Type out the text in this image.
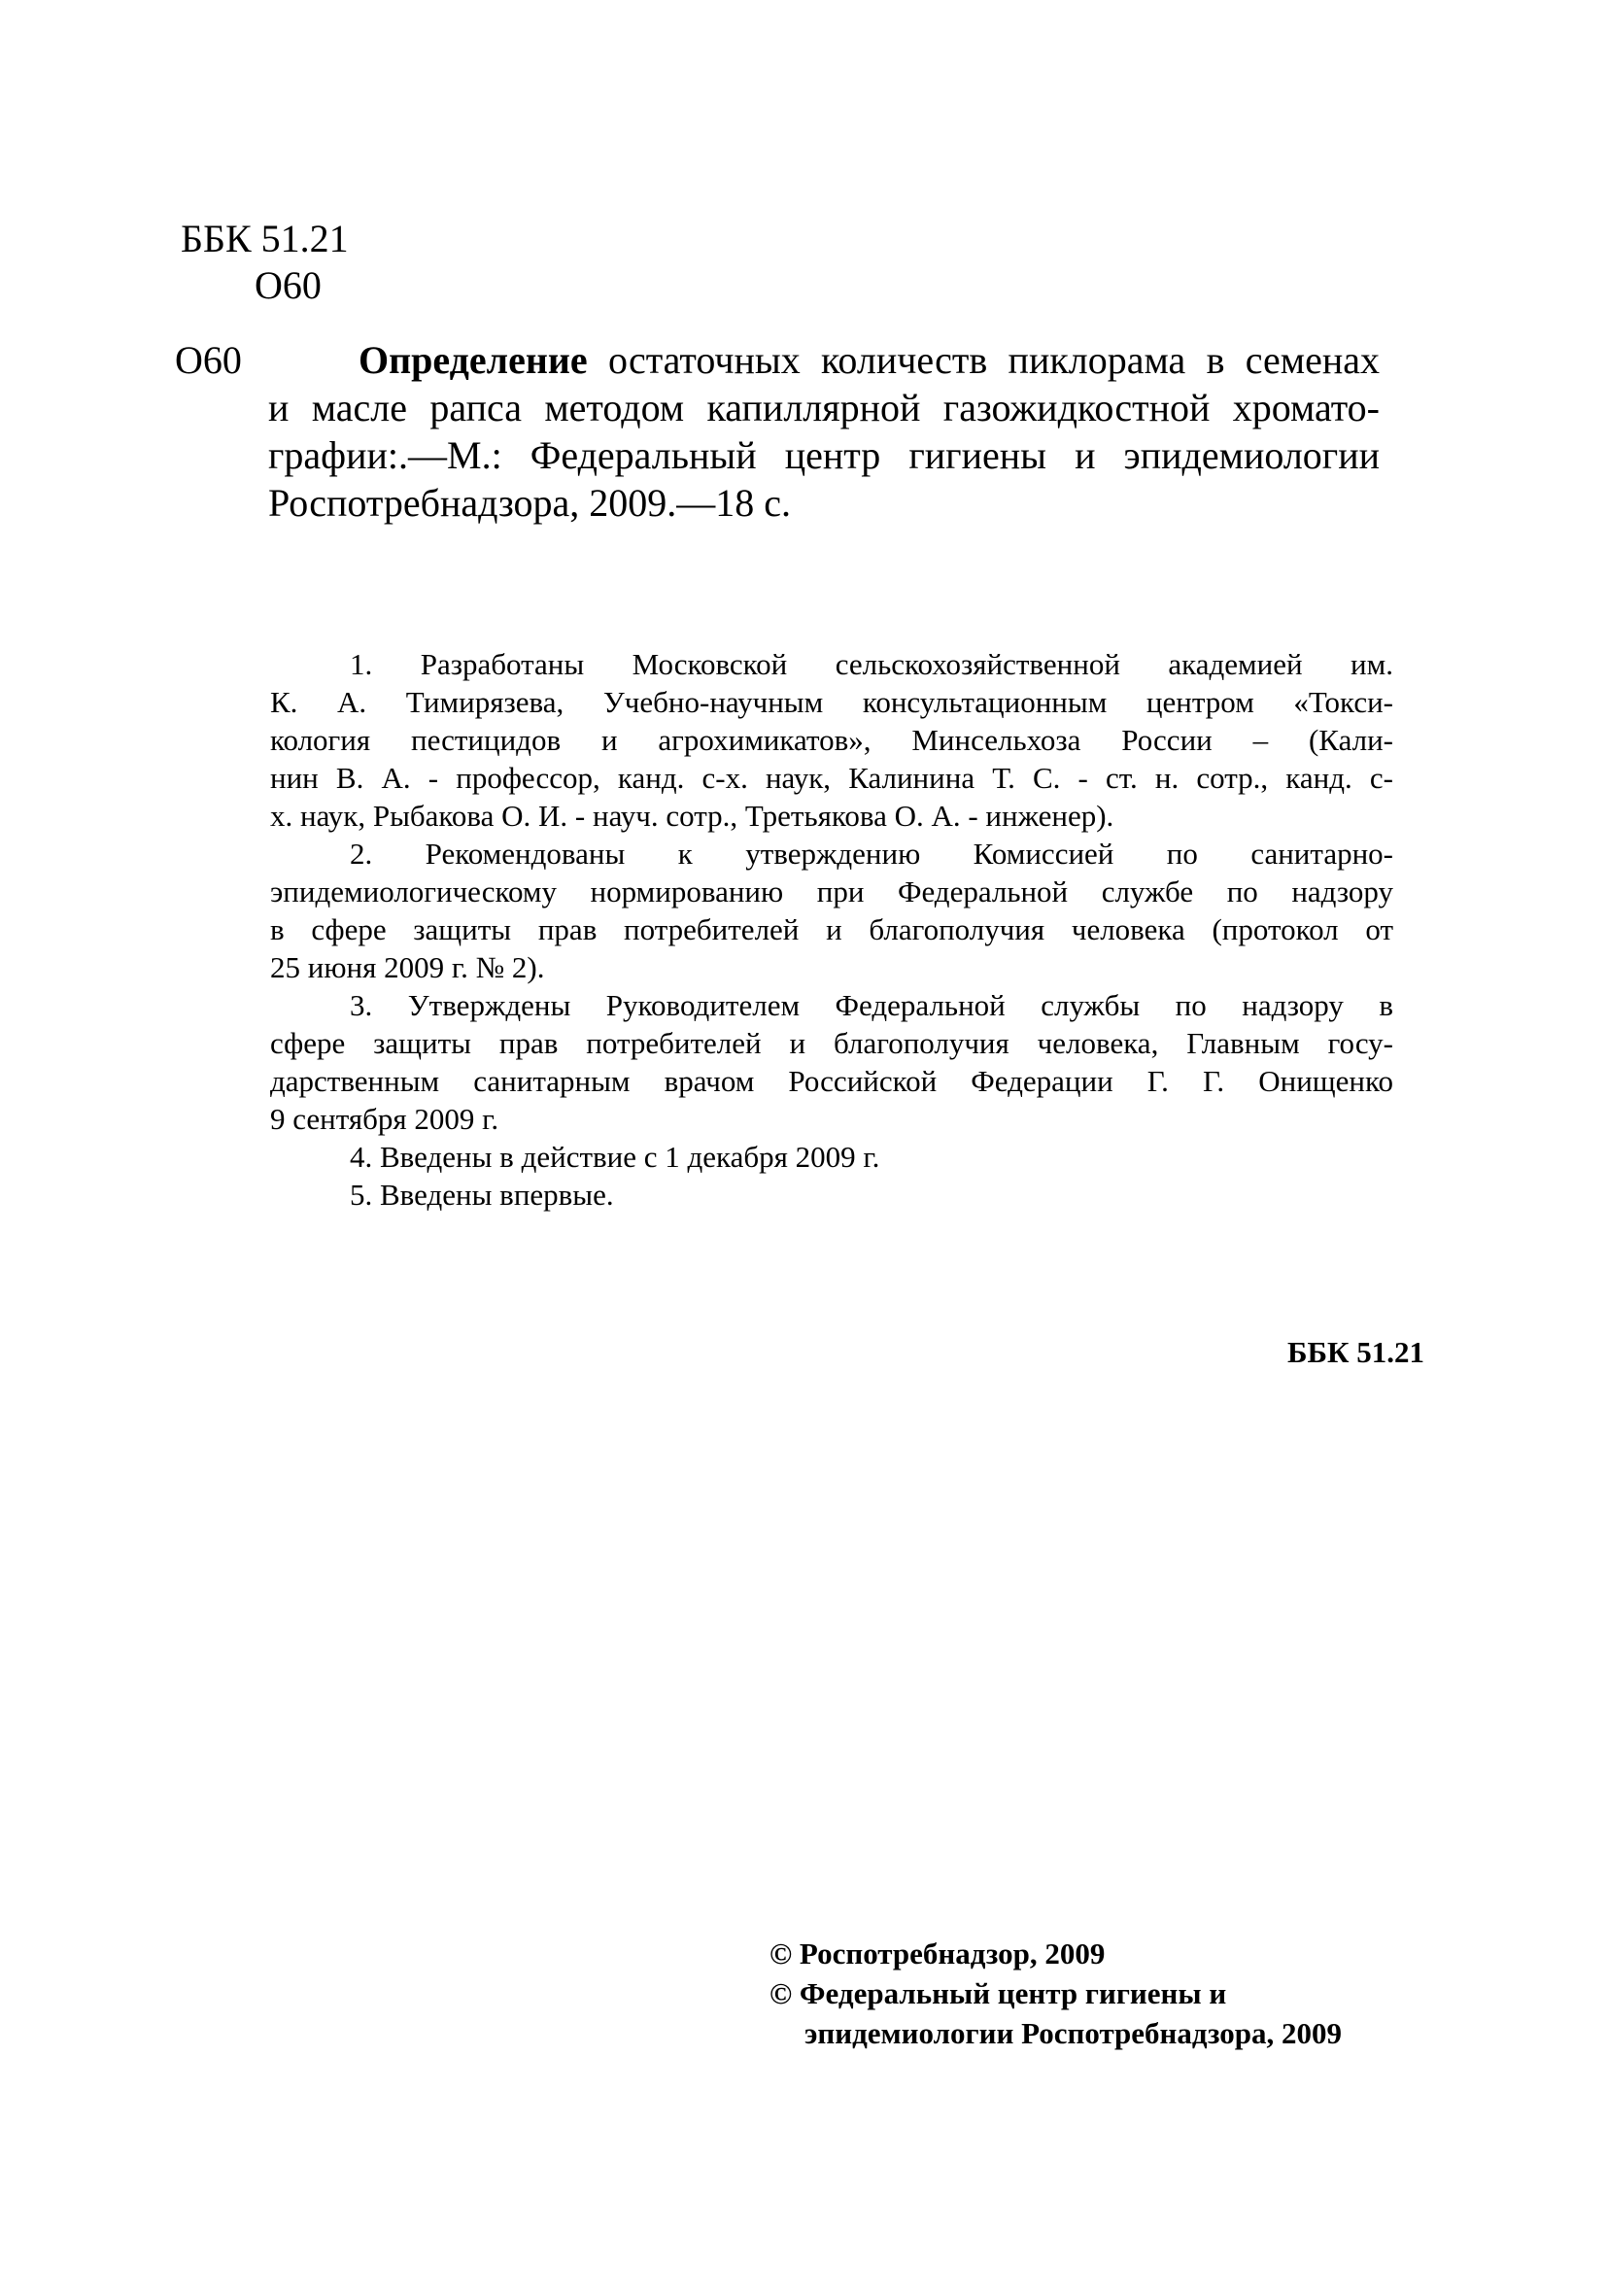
ББК 51.21
О60
О60	Определение остаточных количеств пиклорама в семенах
и масле рапса методом капиллярной газожидкостной хромато-
графии:.—М.: Федеральный центр гигиены и эпидемиологии
Роспотребнадзора, 2009.—18 с.

1. Разработаны Московской сельскохозяйственной академией им.
К. А. Тимирязева, Учебно-научным консультационным центром «Токси-
кология пестицидов и агрохимикатов», Минсельхоза России – (Кали-
нин В. А. - профессор, канд. с-х. наук, Калинина Т. С. - ст. н. сотр., канд. с-
х. наук, Рыбакова О. И. - науч. сотр., Третьякова О. А. - инженер).

2. Рекомендованы к утверждению Комиссией по санитарно-
эпидемиологическому нормированию при Федеральной службе по надзору
в сфере защиты прав потребителей и благополучия человека (протокол от
25 июня 2009 г. № 2).

3. Утверждены Руководителем Федеральной службы по надзору в
сфере защиты прав потребителей и благополучия человека, Главным госу-
дарственным санитарным врачом Российской Федерации Г. Г. Онищенко
9 сентября 2009 г.

4. Введены в действие с 1 декабря 2009 г.

5. Введены впервые.

ББК 51.21
© Роспотребнадзор, 2009
© Федеральный центр гигиены и
эпидемиологии Роспотребнадзора, 2009
